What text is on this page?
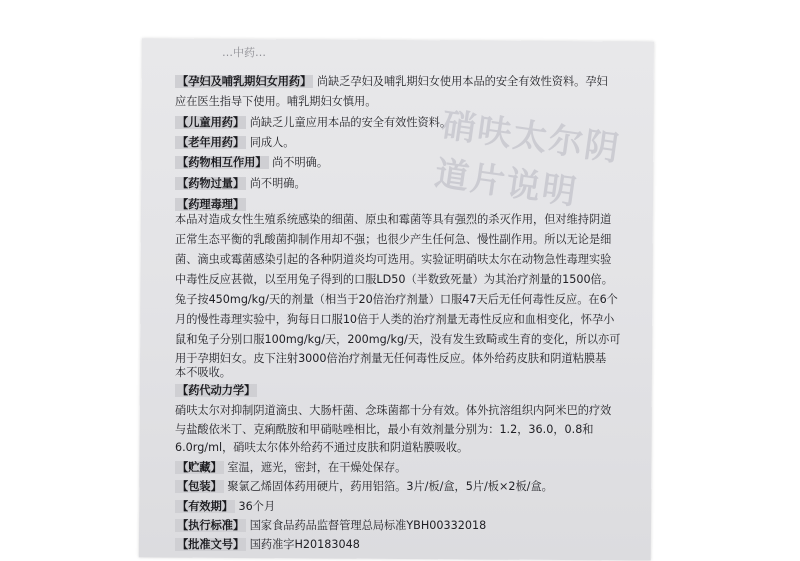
硝呋太尔阴道片说明
…中药…
【孕妇及哺乳期妇女用药】 尚缺乏孕妇及哺乳期妇女使用本品的安全有效性资料。孕妇
应在医生指导下使用。哺乳期妇女慎用。
【儿童用药】 尚缺乏儿童应用本品的安全有效性资料。
【老年用药】 同成人。
【药物相互作用】 尚不明确。
【药物过量】 尚不明确。
【药理毒理】
本品对造成女性生殖系统感染的细菌、原虫和霉菌等具有强烈的杀灭作用，但对维持阴道
正常生态平衡的乳酸菌抑制作用却不强；也很少产生任何急、慢性副作用。所以无论是细
菌、滴虫或霉菌感染引起的各种阴道炎均可选用。实验证明硝呋太尔在动物急性毒理实验
中毒性反应甚微，以至用兔子得到的口服LD50（半数致死量）为其治疗剂量的1500倍。
兔子按450mg/kg/天的剂量（相当于20倍治疗剂量）口服47天后无任何毒性反应。在6个
月的慢性毒理实验中，狗每日口服10倍于人类的治疗剂量无毒性反应和血相变化，怀孕小
鼠和兔子分别口服100mg/kg/天，200mg/kg/天，没有发生致畸或生育的变化，所以亦可
用于孕期妇女。皮下注射3000倍治疗剂量无任何毒性反应。体外给药皮肤和阴道粘膜基
本不吸收。
【药代动力学】
硝呋太尔对抑制阴道滴虫、大肠杆菌、念珠菌都十分有效。体外抗溶组织内阿米巴的疗效
与盐酸依米丁、克痢酰胺和甲硝哒唑相比，最小有效剂量分别为：1.2，36.0，0.8和
6.0rg/ml，硝呋太尔体外给药不通过皮肤和阴道粘膜吸收。
【贮藏】 室温，遮光，密封，在干燥处保存。
【包装】 聚氯乙烯固体药用硬片，药用铝箔。3片/板/盒，5片/板×2板/盒。
【有效期】 36个月
【执行标准】 国家食品药品监督管理总局标准YBH00332018
【批准文号】 国药准字H20183048
